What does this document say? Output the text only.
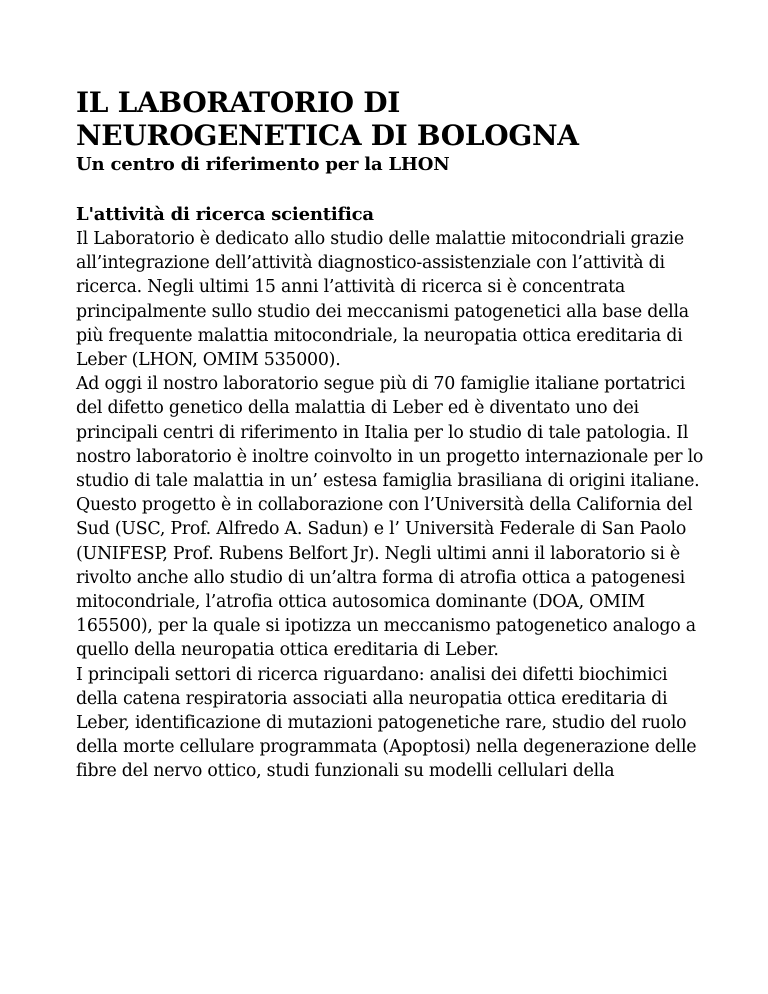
IL LABORATORIO DI
NEUROGENETICA DI BOLOGNA
Un centro di riferimento per la LHON
L'attività di ricerca scientifica

Il Laboratorio è dedicato allo studio delle malattie mitocondriali grazie all’integrazione dell’attività diagnostico-assistenziale con l’attività di ricerca. Negli ultimi 15 anni l’attività di ricerca si è concentrata principalmente sullo studio dei meccanismi patogenetici alla base della più frequente malattia mitocondriale, la neuropatia ottica ereditaria di Leber (LHON, OMIM 535000).

Ad oggi il nostro laboratorio segue più di 70 famiglie italiane portatrici del difetto genetico della malattia di Leber ed è diventato uno dei principali centri di riferimento in Italia per lo studio di tale patologia. Il nostro laboratorio è inoltre coinvolto in un progetto internazionale per lo studio di tale malattia in un’ estesa famiglia brasiliana di origini italiane. Questo progetto è in collaborazione con l’Università della California del Sud (USC, Prof. Alfredo A. Sadun) e l’ Università Federale di San Paolo (UNIFESP, Prof. Rubens Belfort Jr). Negli ultimi anni il laboratorio si è rivolto anche allo studio di un’altra forma di atrofia ottica a patogenesi mitocondriale, l’atrofia ottica autosomica dominante (DOA, OMIM 165500), per la quale si ipotizza un meccanismo patogenetico analogo a quello della neuropatia ottica ereditaria di Leber.

I principali settori di ricerca riguardano: analisi dei difetti biochimici della catena respiratoria associati alla neuropatia ottica ereditaria di Leber, identificazione di mutazioni patogenetiche rare, studio del ruolo della morte cellulare programmata (Apoptosi) nella degenerazione delle fibre del nervo ottico, studi funzionali su modelli cellulari della
